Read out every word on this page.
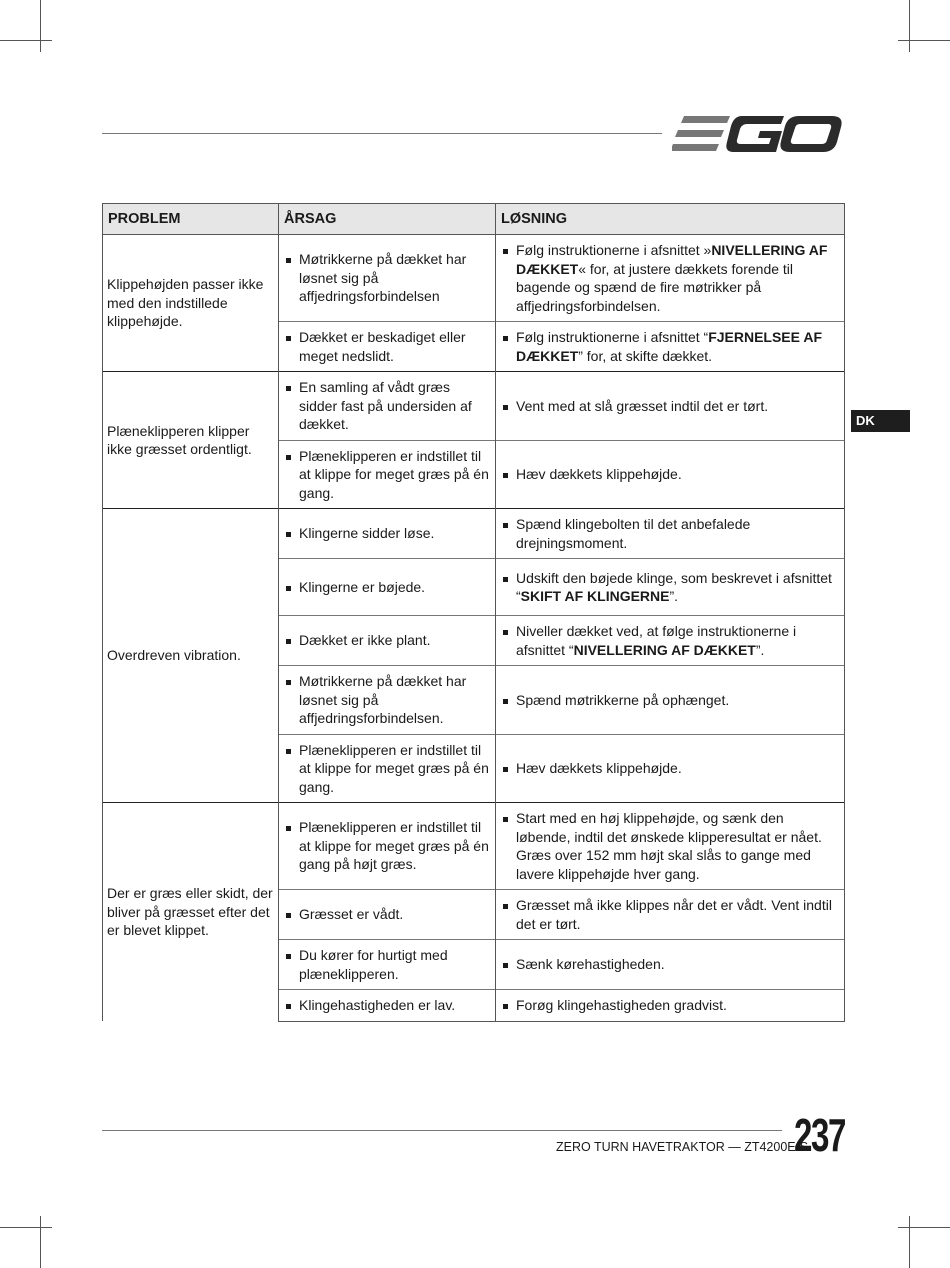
DK
PROBLEM	ÅRSAG	LØSNING
Klippehøjden passer ikke med den indstillede klippehøjde.	Møtrikkerne på dækket har løsnet sig på affjedringsforbindelsen	Følg instruktionerne i afsnittet »NIVELLERING AF DÆKKET« for, at justere dækkets forende til bagende og spænd de fire møtrikker på affjedringsforbindelsen.

	Dækket er beskadiget eller meget nedslidt.	Følg instruktionerne i afsnittet “FJERNELSEE AF DÆKKET” for, at skifte dækket.

Plæneklipperen klipper ikke græsset ordentligt.	En samling af vådt græs sidder fast på undersiden af dækket.	Vent med at slå græsset indtil det er tørt.

	Plæneklipperen er indstillet til at klippe for meget græs på én gang.	Hæv dækkets klippehøjde.

Overdreven vibration.	Klingerne sidder løse.	Spænd klingebolten til det anbefalede drejningsmoment.

	Klingerne er bøjede.	Udskift den bøjede klinge, som beskrevet i afsnittet “SKIFT AF KLINGERNE”.

	Dækket er ikke plant.	Niveller dækket ved, at følge instruktionerne i afsnittet “NIVELLERING AF DÆKKET”.

	Møtrikkerne på dækket har løsnet sig på affjedringsforbindelsen.	Spænd møtrikkerne på ophænget.

	Plæneklipperen er indstillet til at klippe for meget græs på én gang.	Hæv dækkets klippehøjde.

Der er græs eller skidt, der bliver på græsset efter det er blevet klippet.	Plæneklipperen er indstillet til at klippe for meget græs på én gang på højt græs.	Start med en høj klippehøjde, og sænk den løbende, indtil det ønskede klipperesultat er nået. Græs over 152 mm højt skal slås to gange med lavere klippehøjde hver gang.

	Græsset er vådt.	Græsset må ikke klippes når det er vådt. Vent indtil det er tørt.

	Du kører for hurtigt med plæneklipperen.	Sænk kørehastigheden.

	Klingehastigheden er lav.	Forøg klingehastigheden gradvist.
ZERO TURN HAVETRAKTOR — ZT4200E-S
237
